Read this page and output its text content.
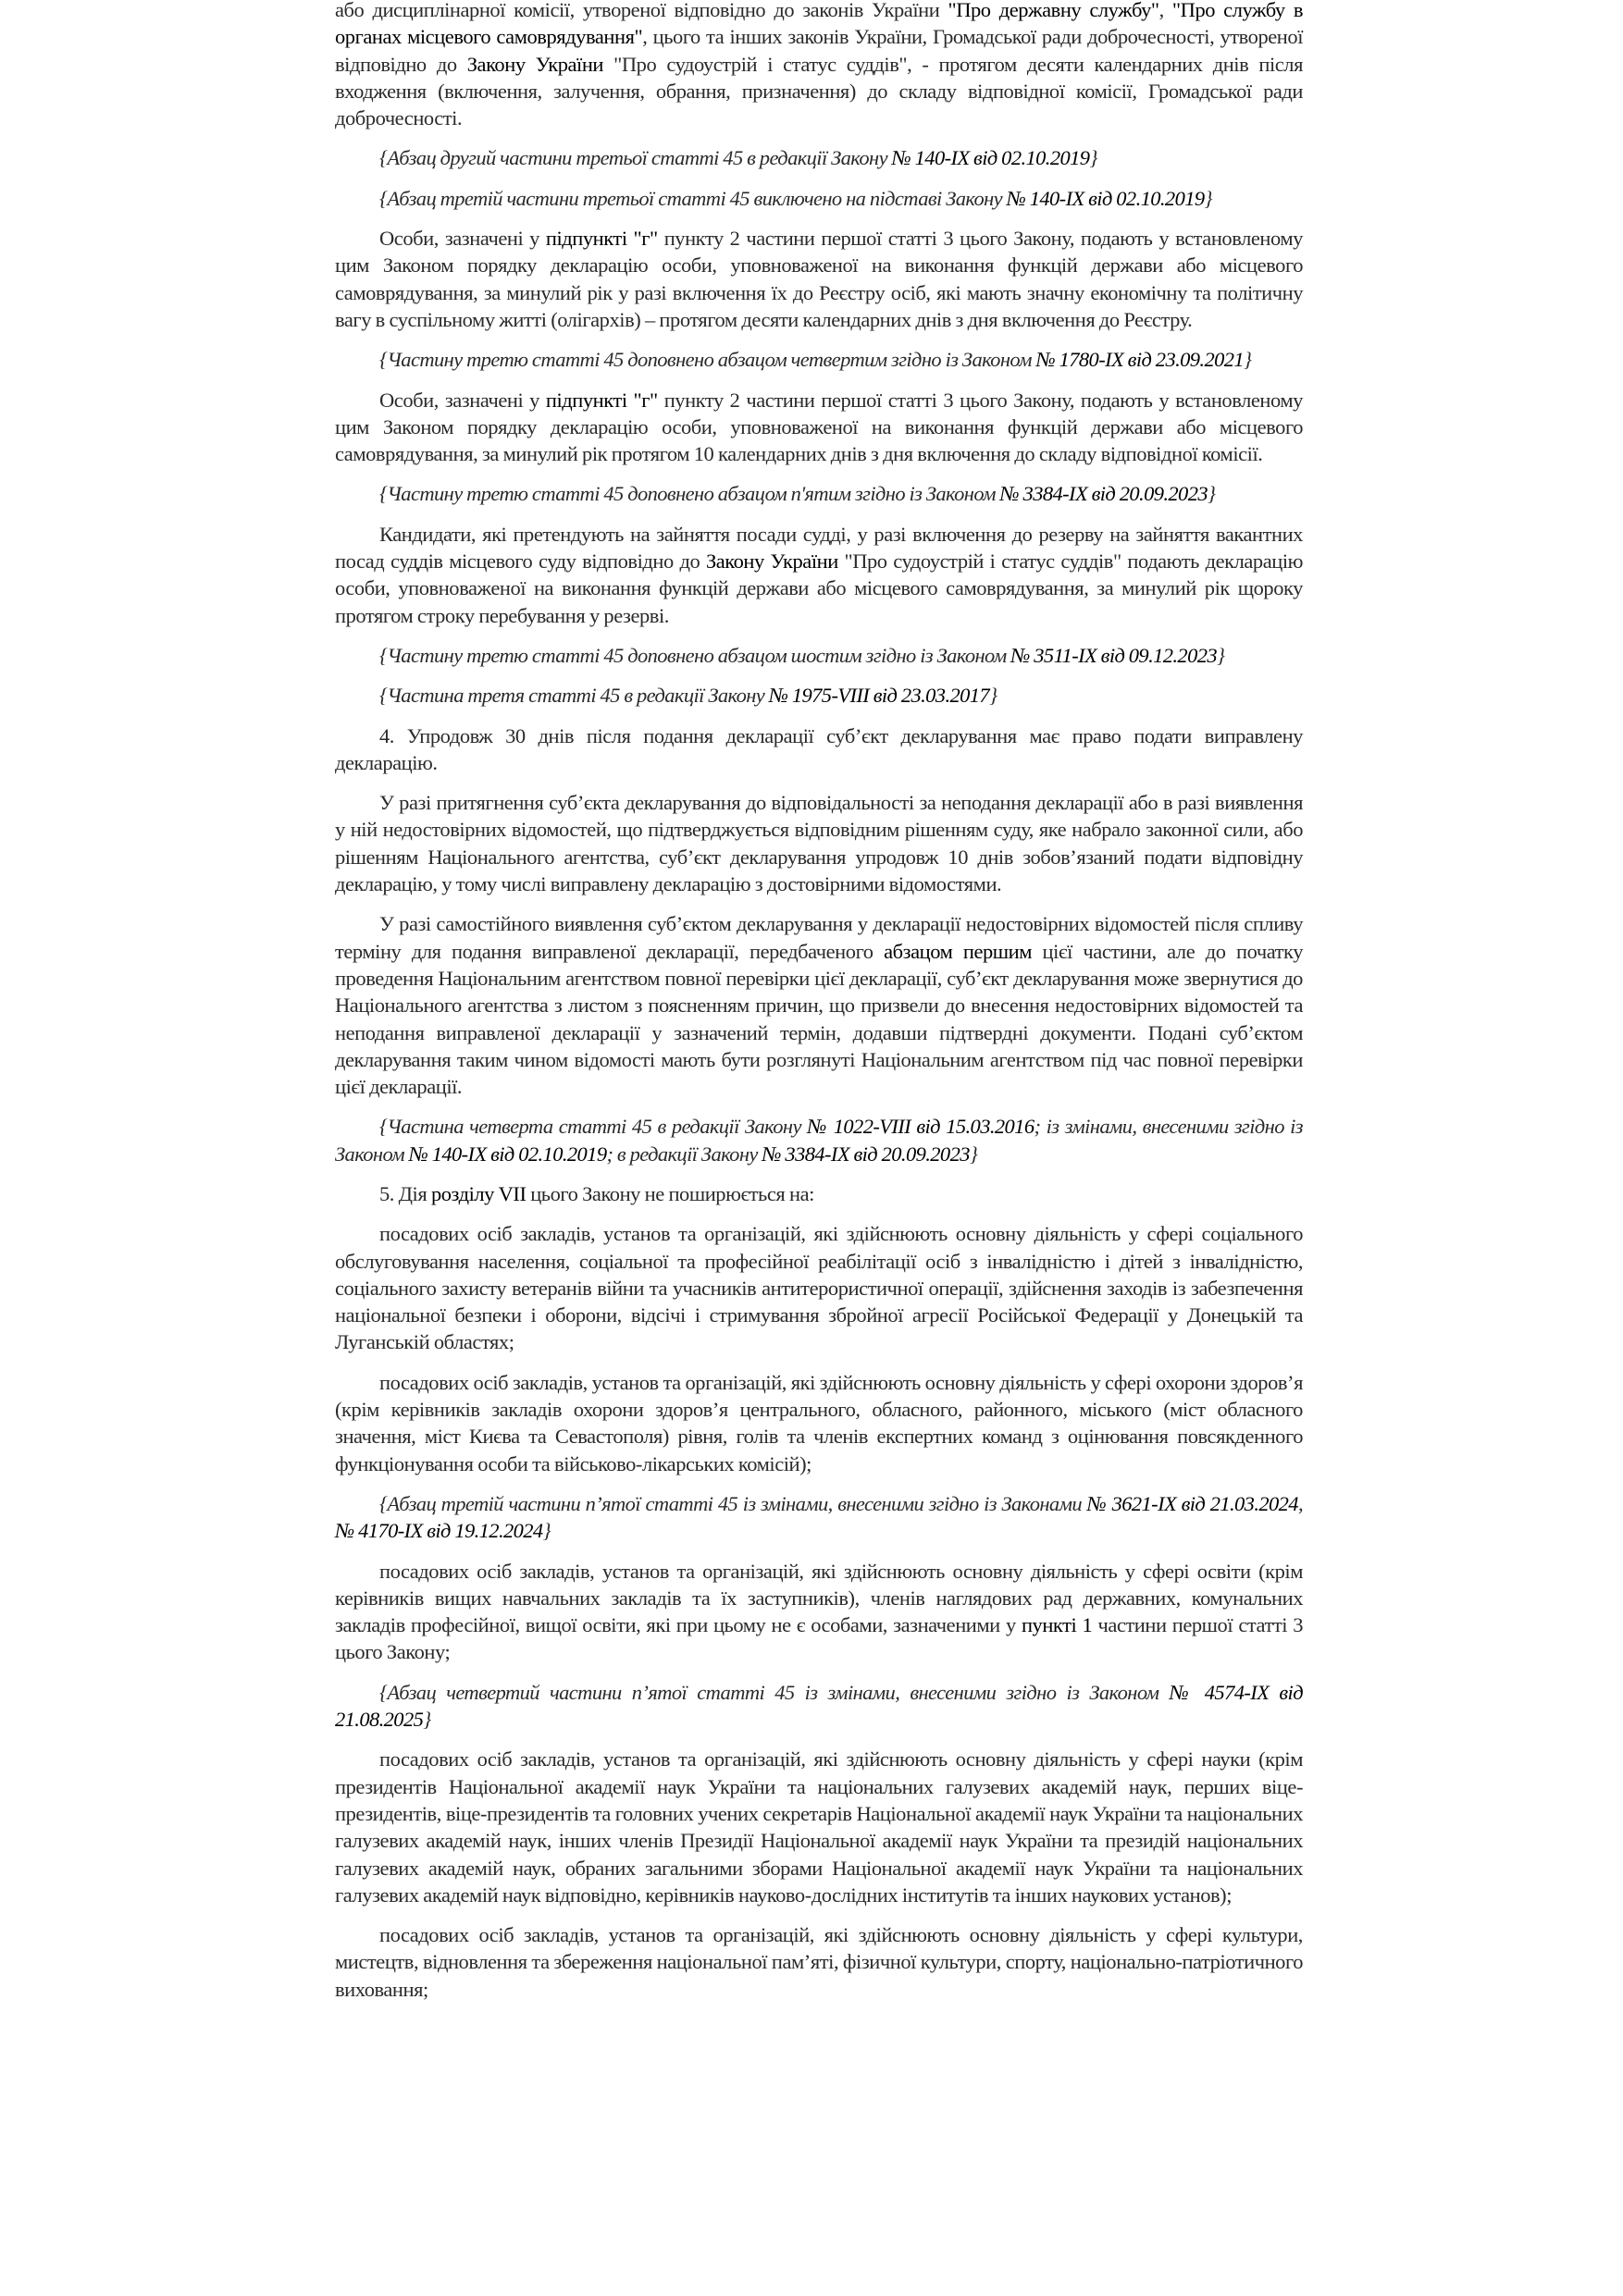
або дисциплінарної комісії, утвореної відповідно до законів України "Про державну службу", "Про службу в органах місцевого самоврядування", цього та інших законів України, Громадської ради доброчесності, утвореної відповідно до Закону України "Про судоустрій і статус суддів", - протягом десяти календарних днів після входження (включення, залучення, обрання, призначення) до складу відповідної комісії, Громадської ради доброчесності.

{Абзац другий частини третьої статті 45 в редакції Закону № 140-IX від 02.10.2019}

{Абзац третій частини третьої статті 45 виключено на підставі Закону № 140-IX від 02.10.2019}

Особи, зазначені у підпункті "г" пункту 2 частини першої статті 3 цього Закону, подають у встановленому цим Законом порядку декларацію особи, уповноваженої на виконання функцій держави або місцевого самоврядування, за минулий рік у разі включення їх до Реєстру осіб, які мають значну економічну та політичну вагу в суспільному житті (олігархів) – протягом десяти календарних днів з дня включення до Реєстру.

{Частину третю статті 45 доповнено абзацом четвертим згідно із Законом № 1780-IX від 23.09.2021}

Особи, зазначені у підпункті "г" пункту 2 частини першої статті 3 цього Закону, подають у встановленому цим Законом порядку декларацію особи, уповноваженої на виконання функцій держави або місцевого самоврядування, за минулий рік протягом 10 календарних днів з дня включення до складу відповідної комісії.

{Частину третю статті 45 доповнено абзацом п'ятим згідно із Законом № 3384-IX від 20.09.2023}

Кандидати, які претендують на зайняття посади судді, у разі включення до резерву на зайняття вакантних посад суддів місцевого суду відповідно до Закону України "Про судоустрій і статус суддів" подають декларацію особи, уповноваженої на виконання функцій держави або місцевого самоврядування, за минулий рік щороку протягом строку перебування у резерві.

{Частину третю статті 45 доповнено абзацом шостим згідно із Законом № 3511-IX від 09.12.2023}

{Частина третя статті 45 в редакції Закону № 1975-VIII від 23.03.2017}

4. Упродовж 30 днів після подання декларації суб’єкт декларування має право подати виправлену декларацію.

У разі притягнення суб’єкта декларування до відповідальності за неподання декларації або в разі виявлення у ній недостовірних відомостей, що підтверджується відповідним рішенням суду, яке набрало законної сили, або рішенням Національного агентства, суб’єкт декларування упродовж 10 днів зобов’язаний подати відповідну декларацію, у тому числі виправлену декларацію з достовірними відомостями.

У разі самостійного виявлення суб’єктом декларування у декларації недостовірних відомостей після спливу терміну для подання виправленої декларації, передбаченого абзацом першим цієї частини, але до початку проведення Національним агентством повної перевірки цієї декларації, суб’єкт декларування може звернутися до Національного агентства з листом з поясненням причин, що призвели до внесення недостовірних відомостей та неподання виправленої декларації у зазначений термін, додавши підтвердні документи. Подані суб’єктом декларування таким чином відомості мають бути розглянуті Національним агентством під час повної перевірки цієї декларації.

{Частина четверта статті 45 в редакції Закону № 1022-VIII від 15.03.2016; із змінами, внесеними згідно із Законом № 140-IX від 02.10.2019; в редакції Закону № 3384-IX від 20.09.2023}

5. Дія розділу VII цього Закону не поширюється на:

посадових осіб закладів, установ та організацій, які здійснюють основну діяльність у сфері соціального обслуговування населення, соціальної та професійної реабілітації осіб з інвалідністю і дітей з інвалідністю, соціального захисту ветеранів війни та учасників антитерористичної операції, здійснення заходів із забезпечення національної безпеки і оборони, відсічі і стримування збройної агресії Російської Федерації у Донецькій та Луганській областях;

посадових осіб закладів, установ та організацій, які здійснюють основну діяльність у сфері охорони здоров’я (крім керівників закладів охорони здоров’я центрального, обласного, районного, міського (міст обласного значення, міст Києва та Севастополя) рівня, голів та членів експертних команд з оцінювання повсякденного функціонування особи та військово-лікарських комісій);

{Абзац третій частини п’ятої статті 45 із змінами, внесеними згідно із Законами № 3621-IX від 21.03.2024, № 4170-IX від 19.12.2024}

посадових осіб закладів, установ та організацій, які здійснюють основну діяльність у сфері освіти (крім керівників вищих навчальних закладів та їх заступників), членів наглядових рад державних, комунальних закладів професійної, вищої освіти, які при цьому не є особами, зазначеними у пункті 1 частини першої статті 3 цього Закону;

{Абзац четвертий частини п’ятої статті 45 із змінами, внесеними згідно із Законом № 4574-IX від 21.08.2025}

посадових осіб закладів, установ та організацій, які здійснюють основну діяльність у сфері науки (крім президентів Національної академії наук України та національних галузевих академій наук, перших віце-президентів, віце-президентів та головних учених секретарів Національної академії наук України та національних галузевих академій наук, інших членів Президії Національної академії наук України та президій національних галузевих академій наук, обраних загальними зборами Національної академії наук України та національних галузевих академій наук відповідно, керівників науково-дослідних інститутів та інших наукових установ);

посадових осіб закладів, установ та організацій, які здійснюють основну діяльність у сфері культури, мистецтв, відновлення та збереження національної пам’яті, фізичної культури, спорту, національно-патріотичного виховання;
